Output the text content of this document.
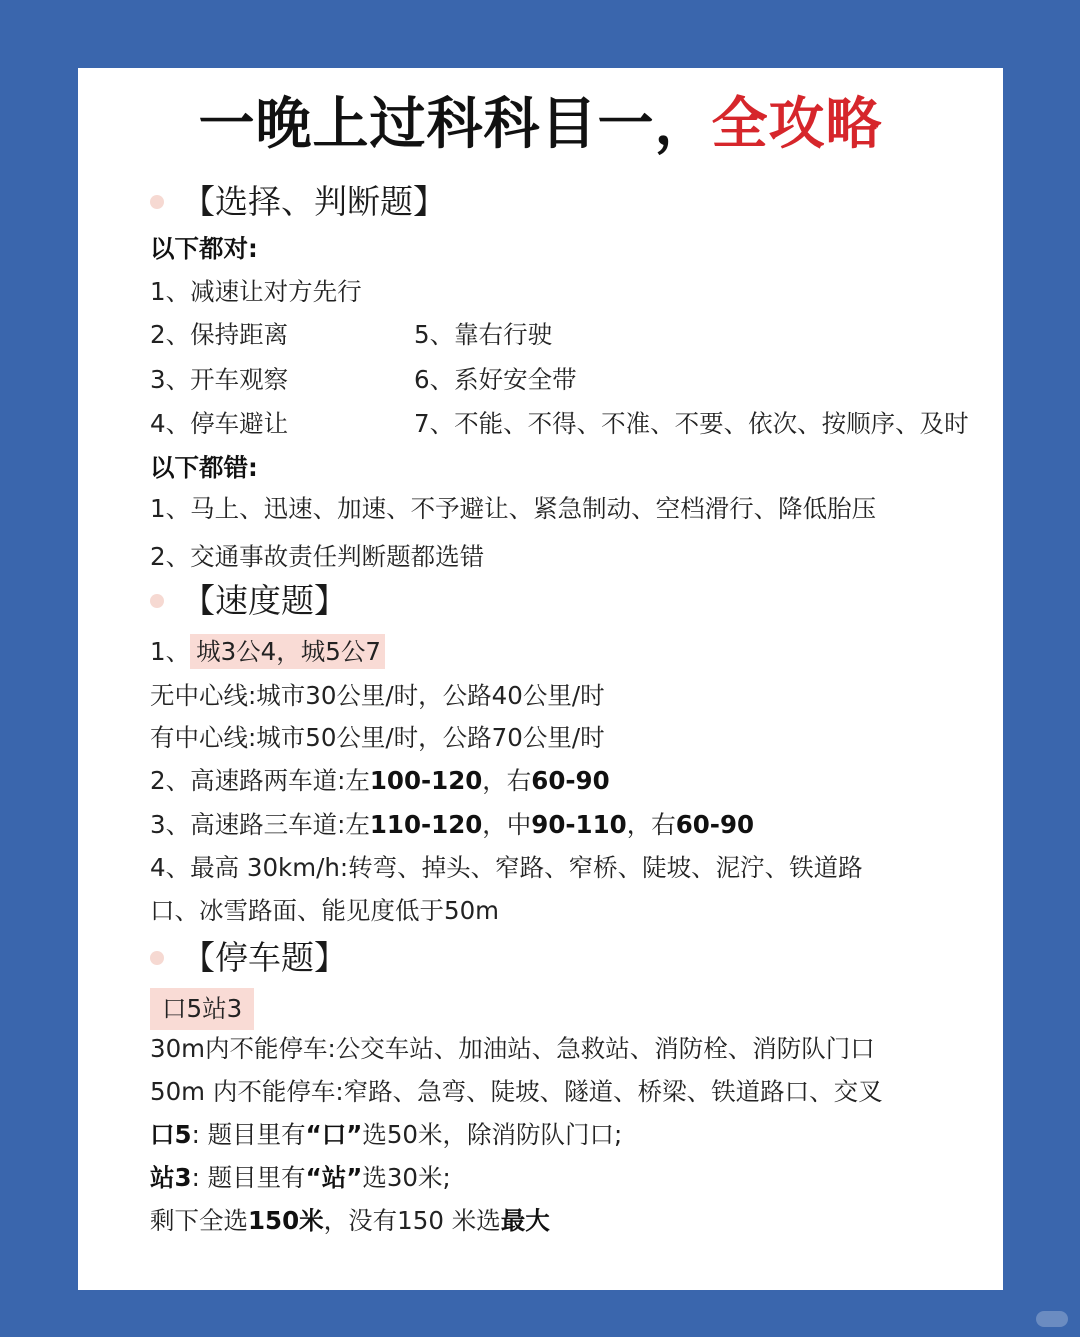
一晚上过科科目一，全攻略
【选择、判断题】
以下都对:
1、减速让对方先行
2、保持距离	5、靠右行驶
3、开车观察	6、系好安全带
4、停车避让	7、不能、不得、不准、不要、依次、按顺序、及时
以下都错:
1、马上、迅速、加速、不予避让、紧急制动、空档滑行、降低胎压
2、交通事故责任判断题都选错
【速度题】
1、 城3公4，城5公7
无中心线:城市30公里/时，公路40公里/时
有中心线:城市50公里/时，公路70公里/时
2、高速路两车道:左100-120，右60-90
3、高速路三车道:左110-120，中90-110，右60-90
4、最高 30km/h:转弯、掉头、窄路、窄桥、陡坡、泥泞、铁道路
口、冰雪路面、能见度低于50m
【停车题】
口5站3
30m内不能停车:公交车站、加油站、急救站、消防栓、消防队门口
50m 内不能停车:窄路、急弯、陡坡、隧道、桥梁、铁道路口、交叉
口5: 题目里有“口”选50米，除消防队门口;
站3: 题目里有“站”选30米;
剩下全选150米，没有150 米选最大
